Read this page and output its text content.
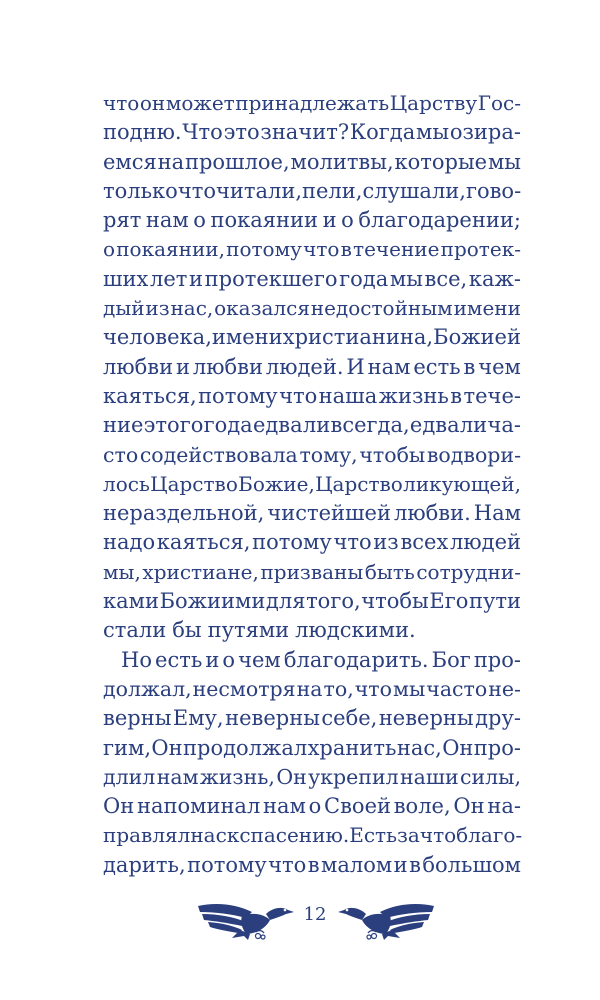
что он может принадлежать Царству Гос-
подню. Что это значит? Когда мы озира-
емся на прошлое, молитвы, которые мы
только что читали, пели, слушали, гово-
рят нам о покаянии и о благодарении;
о покаянии, потому что в течение протек-
ших лет и протекшего года мы все, каж-
дый из нас, оказался недостойным имени
человека, имени христианина, Божией
любви и любви людей. И нам есть в чем
каяться, потому что наша жизнь в тече-
ние этого года едва ли всегда, едва ли ча-
сто содействовала тому, чтобы водвори-
лось Царство Божие, Царство ликующей,
нераздельной, чистейшей любви. Нам
надо каяться, потому что из всех людей
мы, христиане, призваны быть сотрудни-
ками Божиими для того, чтобы Его пути
стали бы путями людскими.
Но есть и о чем благодарить. Бог про-
должал, несмотря на то, что мы часто не-
верны Ему, неверны себе, неверны дру-
гим, Он продолжал хранить нас, Он про-
длил нам жизнь, Он укрепил наши силы,
Он напоминал нам о Своей воле, Он на-
правлял нас к спасению. Есть за что благо-
дарить, потому что в малом и в большом
12
